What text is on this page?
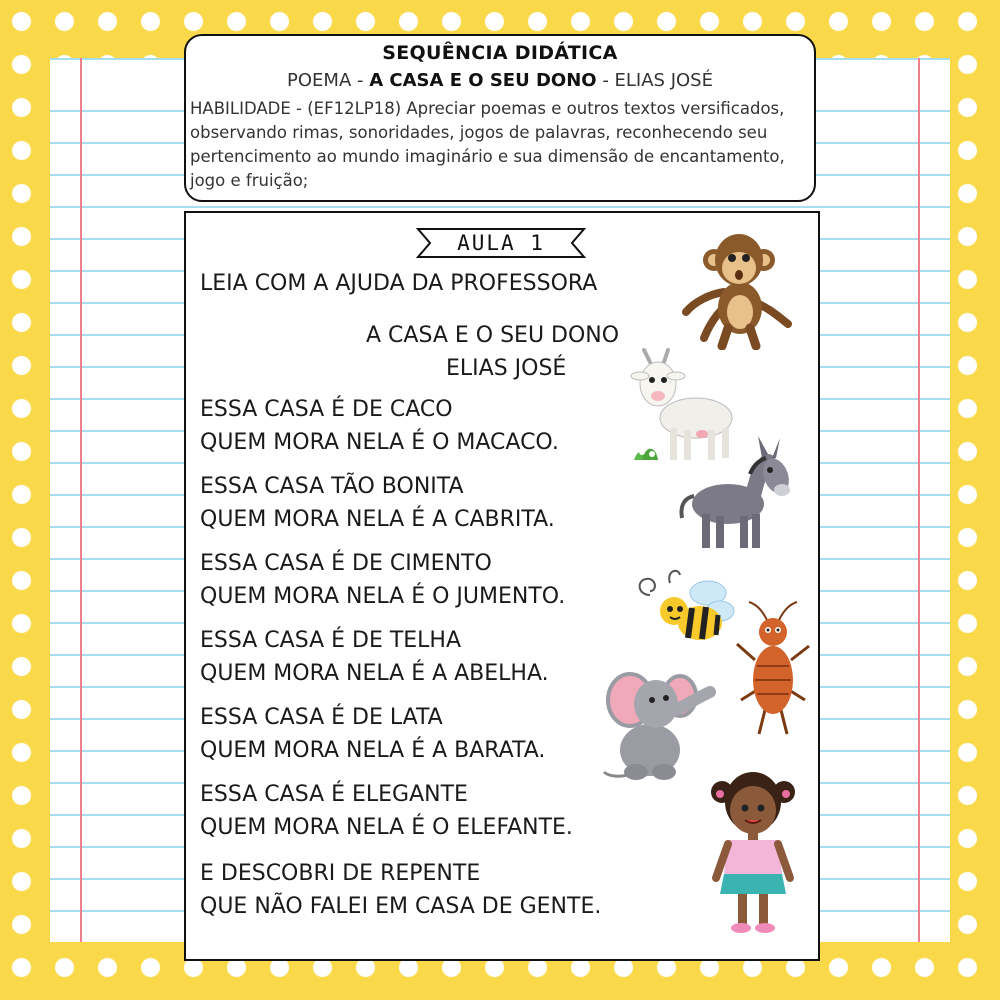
SEQUÊNCIA DIDÁTICA
POEMA - A CASA E O SEU DONO - ELIAS JOSÉ
HABILIDADE - (EF12LP18) Apreciar poemas e outros textos versificados, observando rimas, sonoridades, jogos de palavras, reconhecendo seu pertencimento ao mundo imaginário e sua dimensão de encantamento, jogo e fruição;
AULA 1
LEIA COM A AJUDA DA PROFESSORA
A CASA E O SEU DONO
ELIAS JOSÉ
ESSA CASA É DE CACO
QUEM MORA NELA É O MACACO.
ESSA CASA TÃO BONITA
QUEM MORA NELA É A CABRITA.
ESSA CASA É DE CIMENTO
QUEM MORA NELA É O JUMENTO.
ESSA CASA É DE TELHA
QUEM MORA NELA É A ABELHA.
ESSA CASA É DE LATA
QUEM MORA NELA É A BARATA.
ESSA CASA É ELEGANTE
QUEM MORA NELA É O ELEFANTE.
E DESCOBRI DE REPENTE
QUE NÃO FALEI EM CASA DE GENTE.
